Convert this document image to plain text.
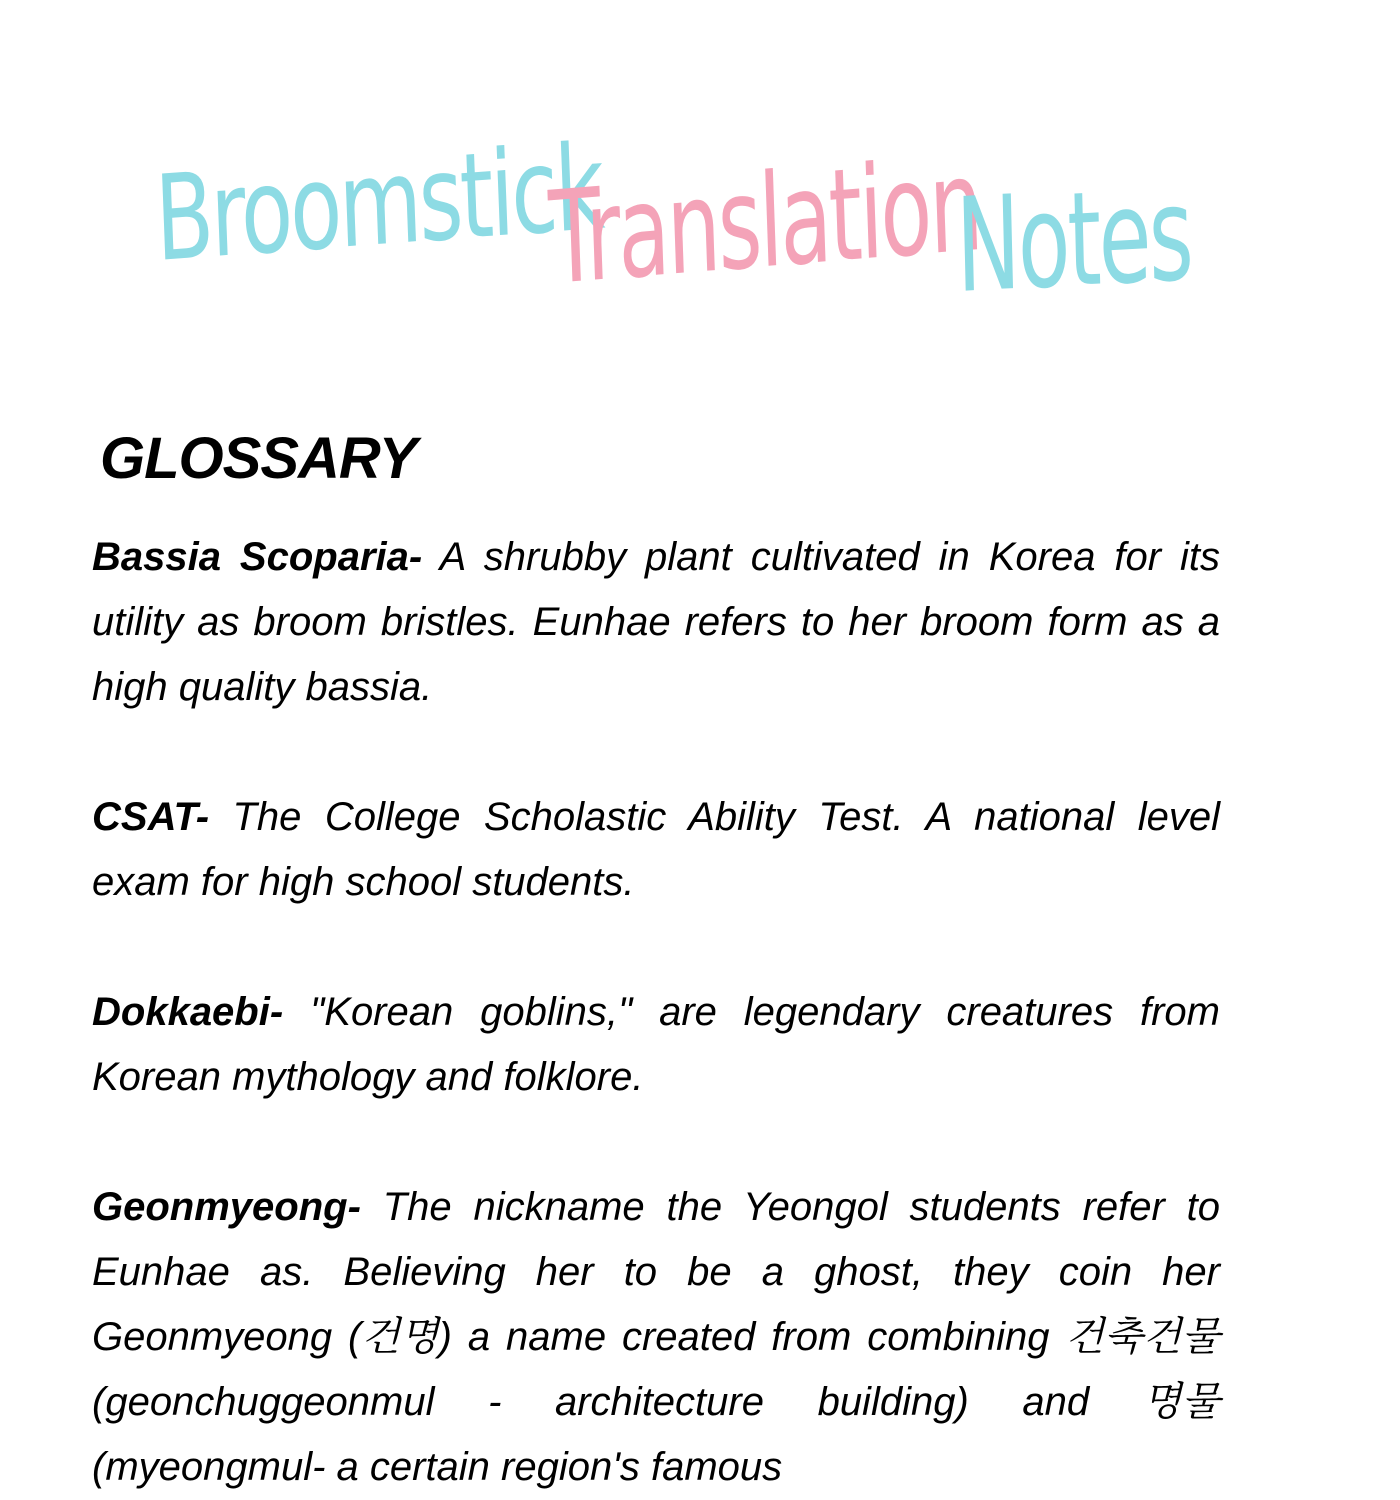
Broomstick
Translation
Notes
GLOSSARY

Bassia Scoparia- A shrubby plant cultivated in Korea for its utility as broom bristles. Eunhae refers to her broom form as a high quality bassia.

CSAT- The College Scholastic Ability Test. A national level exam for high school students.

Dokkaebi- "Korean goblins," are legendary creatures from Korean mythology and folklore.

Geonmyeong- The nickname the Yeongol students refer to Eunhae as. Believing her to be a ghost, they coin her Geonmyeong (건명) a name created from combining 건축건물 (geonchuggeonmul - architecture building) and 명물 (myeongmul- a certain region's famous
